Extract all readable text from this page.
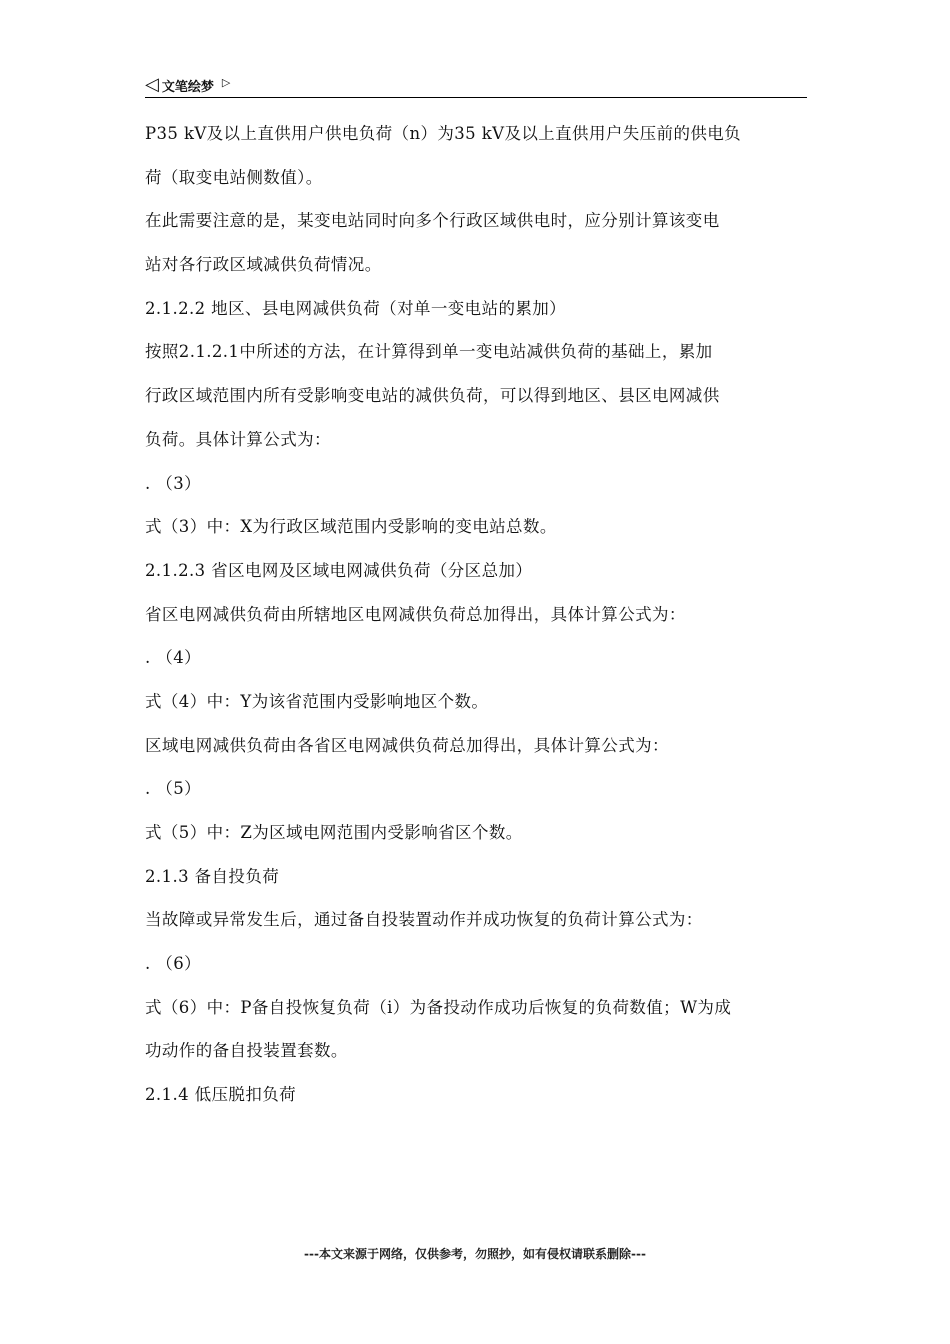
◁ 文笔绘梦 ▷
P35 kV及以上直供用户供电负荷（n）为35 kV及以上直供用户失压前的供电负
荷（取变电站侧数值）。
在此需要注意的是，某变电站同时向多个行政区域供电时，应分别计算该变电
站对各行政区域减供负荷情况。
2.1.2.2 地区、县电网减供负荷（对单一变电站的累加）
按照2.1.2.1中所述的方法，在计算得到单一变电站减供负荷的基础上，累加
行政区域范围内所有受影响变电站的减供负荷，可以得到地区、县区电网减供
负荷。具体计算公式为：
. （3）
式（3）中：X为行政区域范围内受影响的变电站总数。
2.1.2.3 省区电网及区域电网减供负荷（分区总加）
省区电网减供负荷由所辖地区电网减供负荷总加得出，具体计算公式为：
. （4）
式（4）中：Y为该省范围内受影响地区个数。
区域电网减供负荷由各省区电网减供负荷总加得出，具体计算公式为：
. （5）
式（5）中：Z为区域电网范围内受影响省区个数。
2.1.3 备自投负荷
当故障或异常发生后，通过备自投装置动作并成功恢复的负荷计算公式为：
. （6）
式（6）中：P备自投恢复负荷（i）为备投动作成功后恢复的负荷数值；W为成
功动作的备自投装置套数。
2.1.4 低压脱扣负荷
---本文来源于网络，仅供参考，勿照抄，如有侵权请联系删除---
